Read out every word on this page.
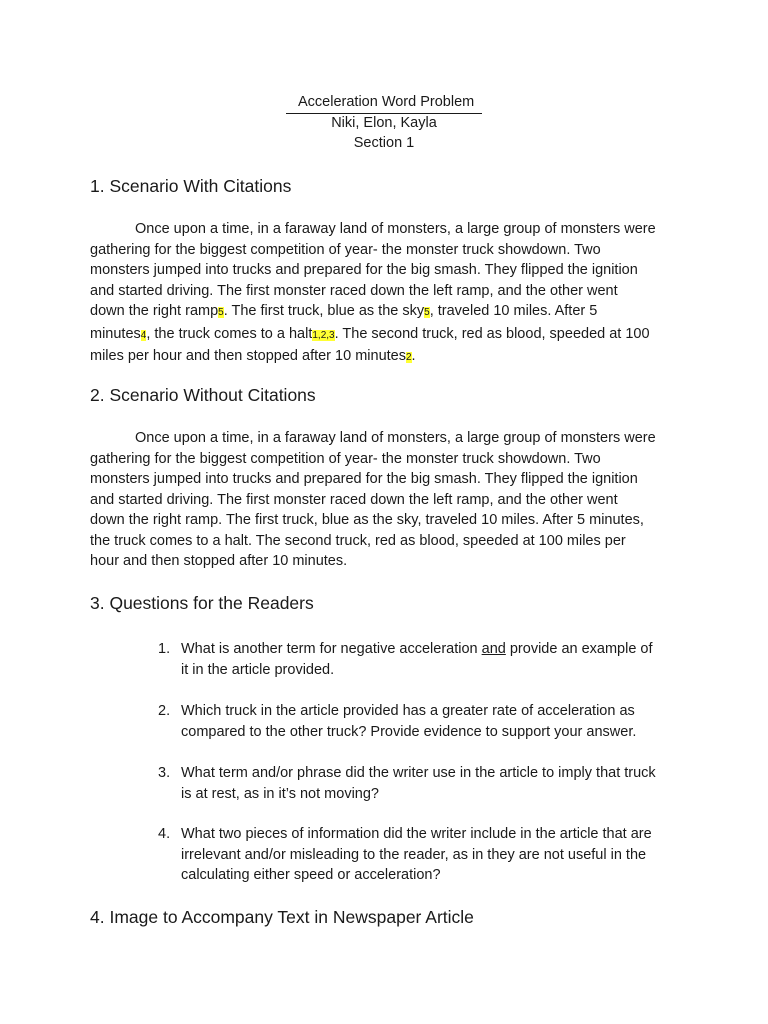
Acceleration Word Problem
Niki, Elon, Kayla
Section 1
1. Scenario With Citations
Once upon a time, in a faraway land of monsters, a large group of monsters were
gathering for the biggest competition of year- the monster truck showdown. Two
monsters jumped into trucks and prepared for the big smash. They flipped the ignition
and started driving. The first monster raced down the left ramp, and the other went
down the right ramp5. The first truck, blue as the sky5, traveled 10 miles. After 5
minutes4, the truck comes to a halt1,2,3. The second truck, red as blood, speeded at 100
miles per hour and then stopped after 10 minutes2.
2. Scenario Without Citations
Once upon a time, in a faraway land of monsters, a large group of monsters were
gathering for the biggest competition of year- the monster truck showdown. Two
monsters jumped into trucks and prepared for the big smash. They flipped the ignition
and started driving. The first monster raced down the left ramp, and the other went
down the right ramp. The first truck, blue as the sky, traveled 10 miles. After 5 minutes,
the truck comes to a halt. The second truck, red as blood, speeded at 100 miles per
hour and then stopped after 10 minutes.
3. Questions for the Readers
1. What is another term for negative acceleration and provide an example of
it in the article provided.
2. Which truck in the article provided has a greater rate of acceleration as
compared to the other truck? Provide evidence to support your answer.
3. What term and/or phrase did the writer use in the article to imply that truck
is at rest, as in it’s not moving?
4. What two pieces of information did the writer include in the article that are
irrelevant and/or misleading to the reader, as in they are not useful in the
calculating either speed or acceleration?
4. Image to Accompany Text in Newspaper Article
